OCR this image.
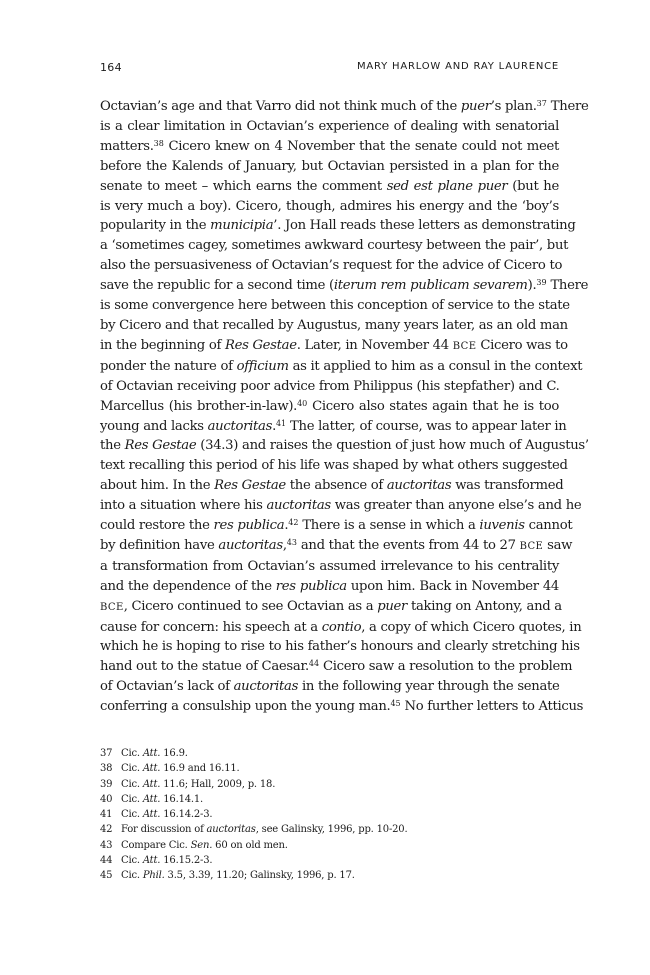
164	MARY HARLOW AND RAY LAURENCE
Octavian’s age and that Varro did not think much of the puer’s plan.$^{37}$ There
is a clear limitation in Octavian’s experience of dealing with senatorial
matters.$^{38}$ Cicero knew on 4 November that the senate could not meet
before the Kalends of January, but Octavian persisted in a plan for the
senate to meet – which earns the comment sed est plane puer (but he
is very much a boy). Cicero, though, admires his energy and the ‘boy’s
popularity in the municipia’. Jon Hall reads these letters as demonstrating
a ‘sometimes cagey, sometimes awkward courtesy between the pair’, but
also the persuasiveness of Octavian’s request for the advice of Cicero to
save the republic for a second time (iterum rem publicam sevarem).$^{39}$ There
is some convergence here between this conception of service to the state
by Cicero and that recalled by Augustus, many years later, as an old man
in the beginning of Res Gestae. Later, in November 44 BCE Cicero was to
ponder the nature of officium as it applied to him as a consul in the context
of Octavian receiving poor advice from Philippus (his stepfather) and C.
Marcellus (his brother-in-law).$^{40}$ Cicero also states again that he is too
young and lacks auctoritas.$^{41}$ The latter, of course, was to appear later in
the Res Gestae (34.3) and raises the question of just how much of Augustus’
text recalling this period of his life was shaped by what others suggested
about him. In the Res Gestae the absence of auctoritas was transformed
into a situation where his auctoritas was greater than anyone else’s and he
could restore the res publica.$^{42}$ There is a sense in which a iuvenis cannot
by definition have auctoritas,$^{43}$ and that the events from 44 to 27 BCE saw
a transformation from Octavian’s assumed irrelevance to his centrality
and the dependence of the res publica upon him. Back in November 44
BCE, Cicero continued to see Octavian as a puer taking on Antony, and a
cause for concern: his speech at a contio, a copy of which Cicero quotes, in
which he is hoping to rise to his father’s honours and clearly stretching his
hand out to the statue of Caesar.$^{44}$ Cicero saw a resolution to the problem
of Octavian’s lack of auctoritas in the following year through the senate
conferring a consulship upon the young man.$^{45}$ No further letters to Atticus
37 Cic. Att. 16.9.
38 Cic. Att. 16.9 and 16.11.
39 Cic. Att. 11.6; Hall, 2009, p. 18.
40 Cic. Att. 16.14.1.
41 Cic. Att. 16.14.2-3.
42 For discussion of auctoritas, see Galinsky, 1996, pp. 10-20.
43 Compare Cic. Sen. 60 on old men.
44 Cic. Att. 16.15.2-3.
45 Cic. Phil. 3.5, 3.39, 11.20; Galinsky, 1996, p. 17.
